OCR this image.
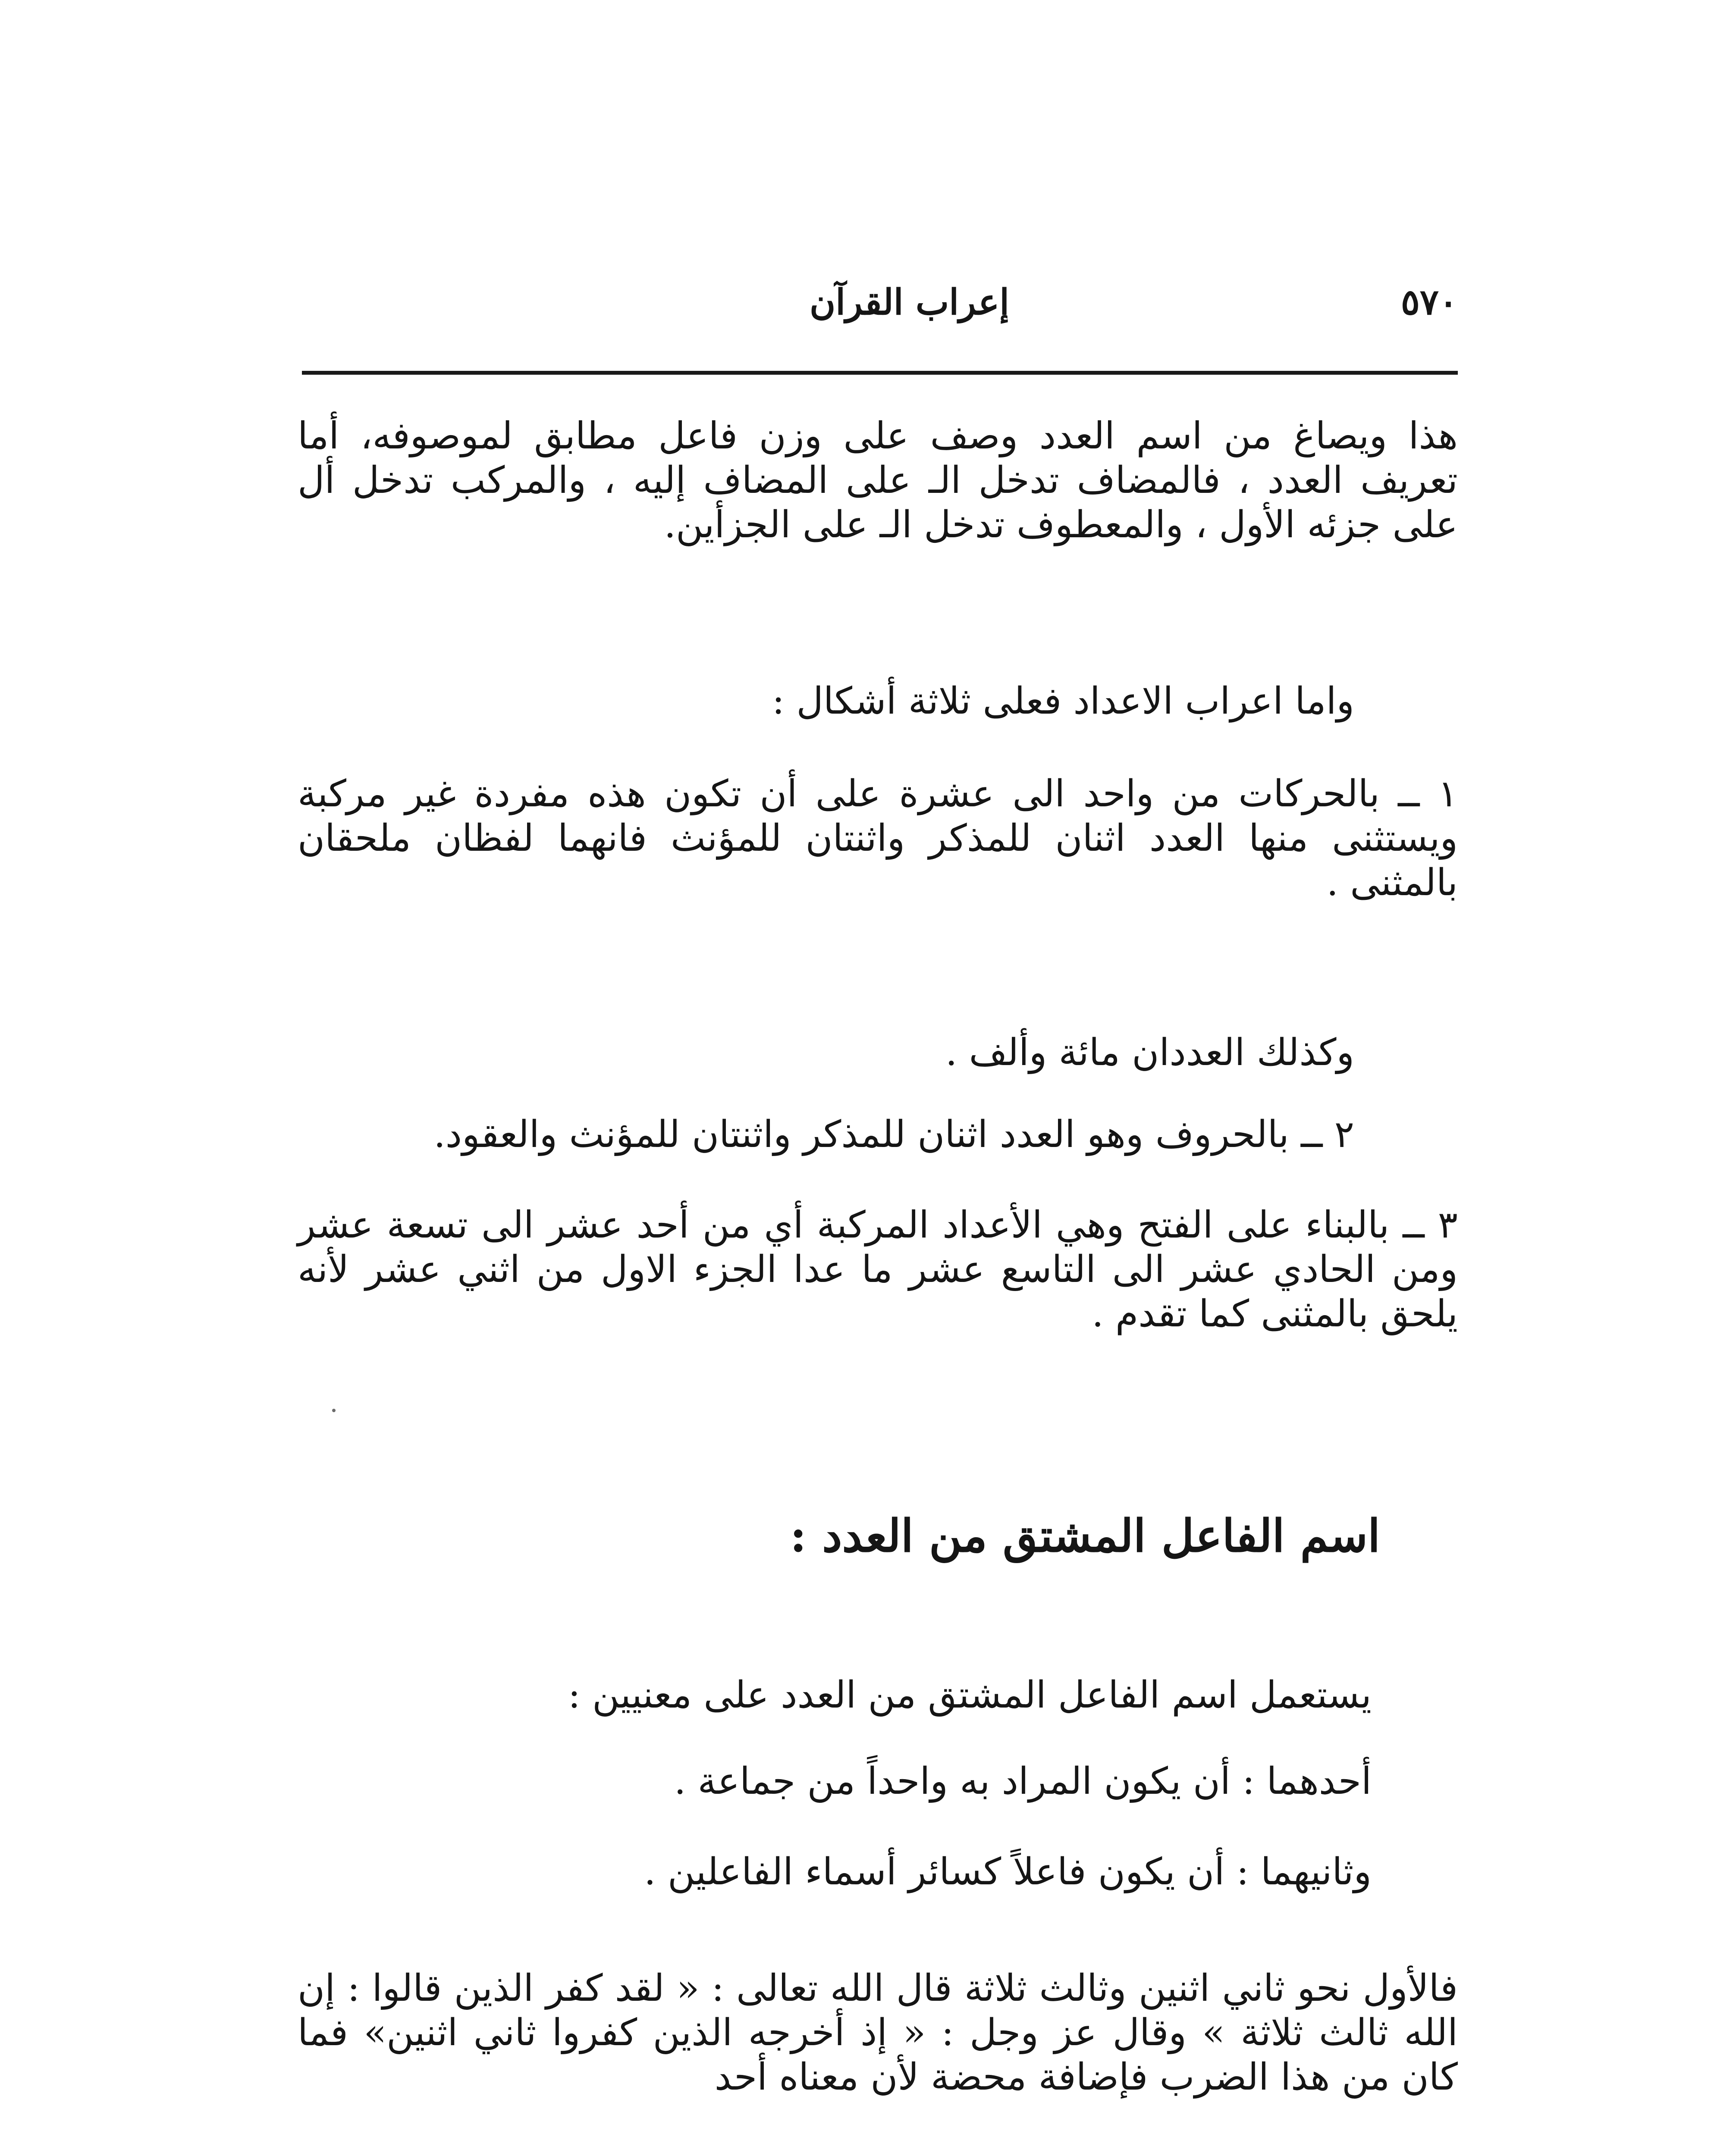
٥٧٠
إعراب القرآن

هذا ويصاغ من اسم العدد وصف على وزن فاعل مطابق لموصوفه، أما تعريف العدد ، فالمضاف تدخل الـ على المضاف إليه ، والمركب تدخل أل على جزئه الأول ، والمعطوف تدخل الـ على الجزأين.

واما اعراب الاعداد فعلى ثلاثة أشكال :

١ ــ بالحركات من واحد الى عشرة على أن تكون هذه مفردة غير مركبة ويستثنى منها العدد اثنان للمذكر واثنتان للمؤنث فانهما لفظان ملحقان بالمثنى .

وكذلك العددان مائة وألف .

٢ ــ بالحروف وهو العدد اثنان للمذكر واثنتان للمؤنث والعقود.

٣ ــ بالبناء على الفتح وهي الأعداد المركبة أي من أحد عشر الى تسعة عشر ومن الحادي عشر الى التاسع عشر ما عدا الجزء الاول من اثني عشر لأنه يلحق بالمثنى كما تقدم .

اسم الفاعل المشتق من العدد :

يستعمل اسم الفاعل المشتق من العدد على معنيين :

أحدهما : أن يكون المراد به واحداً من جماعة .

وثانيهما : أن يكون فاعلاً كسائر أسماء الفاعلين .

فالأول نحو ثاني اثنين وثالث ثلاثة قال الله تعالى : « لقد كفر الذين قالوا : إن الله ثالث ثلاثة » وقال عز وجل : « إذ أخرجه الذين كفروا ثاني اثنين» فما كان من هذا الضرب فإضافة محضة لأن معناه أحد
